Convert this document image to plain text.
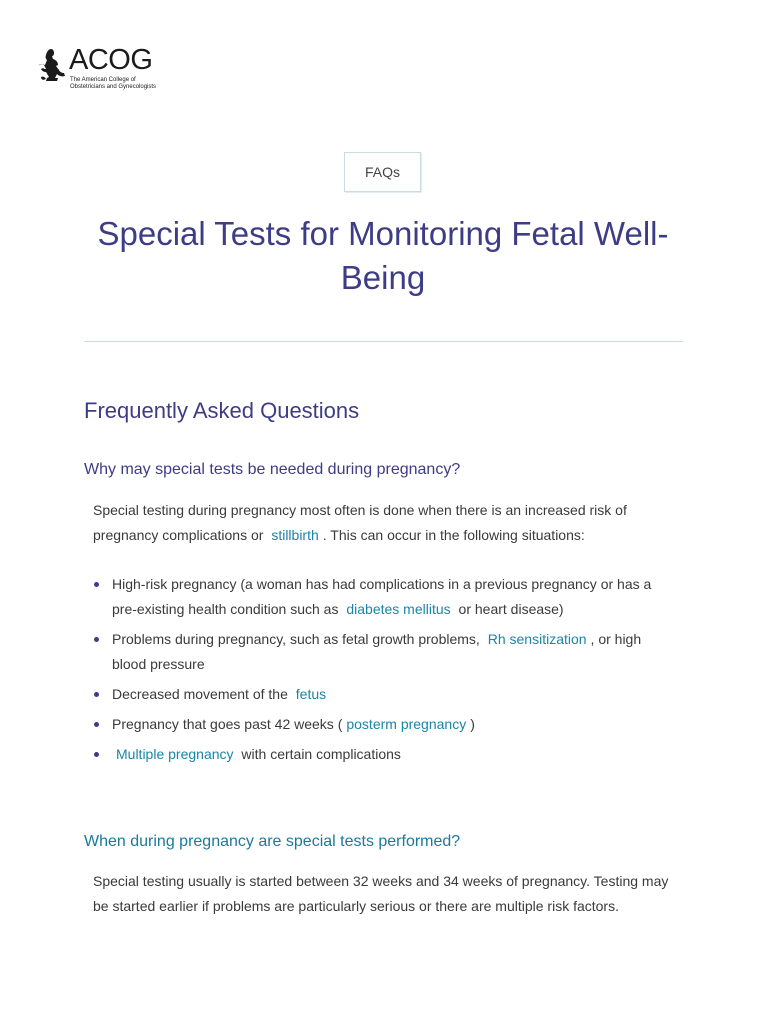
ACOG
The American College of
Obstetricians and Gynecologists
FAQs
Special Tests for Monitoring Fetal Well-Being
Frequently Asked Questions
Why may special tests be needed during pregnancy?

Special testing during pregnancy most often is done when there is an increased risk of pregnancy complications or stillbirth . This can occur in the following situations:

High-risk pregnancy (a woman has had complications in a previous pregnancy or has a pre-existing health condition such as diabetes mellitus or heart disease)
Problems during pregnancy, such as fetal growth problems, Rh sensitization , or high blood pressure
Decreased movement of the fetus
Pregnancy that goes past 42 weeks ( posterm pregnancy )
Multiple pregnancy with certain complications
When during pregnancy are special tests performed?

Special testing usually is started between 32 weeks and 34 weeks of pregnancy. Testing may be started earlier if problems are particularly serious or there are multiple risk factors.
